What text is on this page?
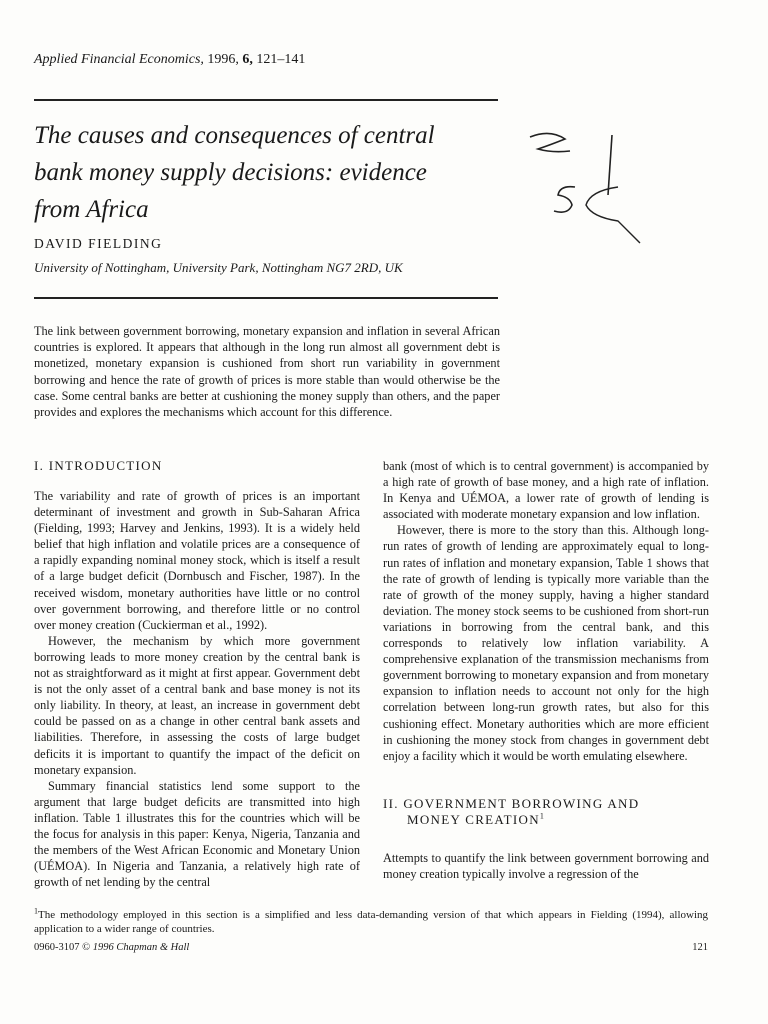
Applied Financial Economics, 1996, 6, 121–141
The causes and consequences of central
bank money supply decisions: evidence
from Africa
DAVID FIELDING
University of Nottingham, University Park, Nottingham NG7 2RD, UK
The link between government borrowing, monetary expansion and inflation in several African countries is explored. It appears that although in the long run almost all government debt is monetized, monetary expansion is cushioned from short run variability in government borrowing and hence the rate of growth of prices is more stable than would otherwise be the case. Some central banks are better at cushioning the money supply than others, and the paper provides and explores the mechanisms which account for this difference.
I. INTRODUCTION

The variability and rate of growth of prices is an important determinant of investment and growth in Sub-Saharan Africa (Fielding, 1993; Harvey and Jenkins, 1993). It is a widely held belief that high inflation and volatile prices are a consequence of a rapidly expanding nominal money stock, which is itself a result of a large budget deficit (Dornbusch and Fischer, 1987). In the received wisdom, monetary authorities have little or no control over government borrowing, and therefore little or no control over money creation (Cuckierman et al., 1992).

However, the mechanism by which more government borrowing leads to more money creation by the central bank is not as straightforward as it might at first appear. Government debt is not the only asset of a central bank and base money is not its only liability. In theory, at least, an increase in government debt could be passed on as a change in other central bank assets and liabilities. Therefore, in assessing the costs of large budget deficits it is important to quantify the impact of the deficit on monetary expansion.

Summary financial statistics lend some support to the argument that large budget deficits are transmitted into high inflation. Table 1 illustrates this for the countries which will be the focus for analysis in this paper: Kenya, Nigeria, Tanzania and the members of the West African Economic and Monetary Union (UÉMOA). In Nigeria and Tanzania, a relatively high rate of growth of net lending by the central

bank (most of which is to central government) is accompanied by a high rate of growth of base money, and a high rate of inflation. In Kenya and UÉMOA, a lower rate of growth of lending is associated with moderate monetary expansion and low inflation.

However, there is more to the story than this. Although long-run rates of growth of lending are approximately equal to long-run rates of inflation and monetary expansion, Table 1 shows that the rate of growth of lending is typically more variable than the rate of growth of the money supply, having a higher standard deviation. The money stock seems to be cushioned from short-run variations in borrowing from the central bank, and this corresponds to relatively low inflation variability. A comprehensive explanation of the transmission mechanisms from government borrowing to monetary expansion and from monetary expansion to inflation needs to account not only for the high correlation between long-run growth rates, but also for this cushioning effect. Monetary authorities which are more efficient in cushioning the money stock from changes in government debt enjoy a facility which it would be worth emulating elsewhere.

II. GOVERNMENT BORROWING AND
MONEY CREATION$^1$

Attempts to quantify the link between government borrowing and money creation typically involve a regression of the

$^1$The methodology employed in this section is a simplified and less data-demanding version of that which appears in Fielding (1994), allowing application to a wider range of countries.
0960-3107 © 1996 Chapman & Hall	121
